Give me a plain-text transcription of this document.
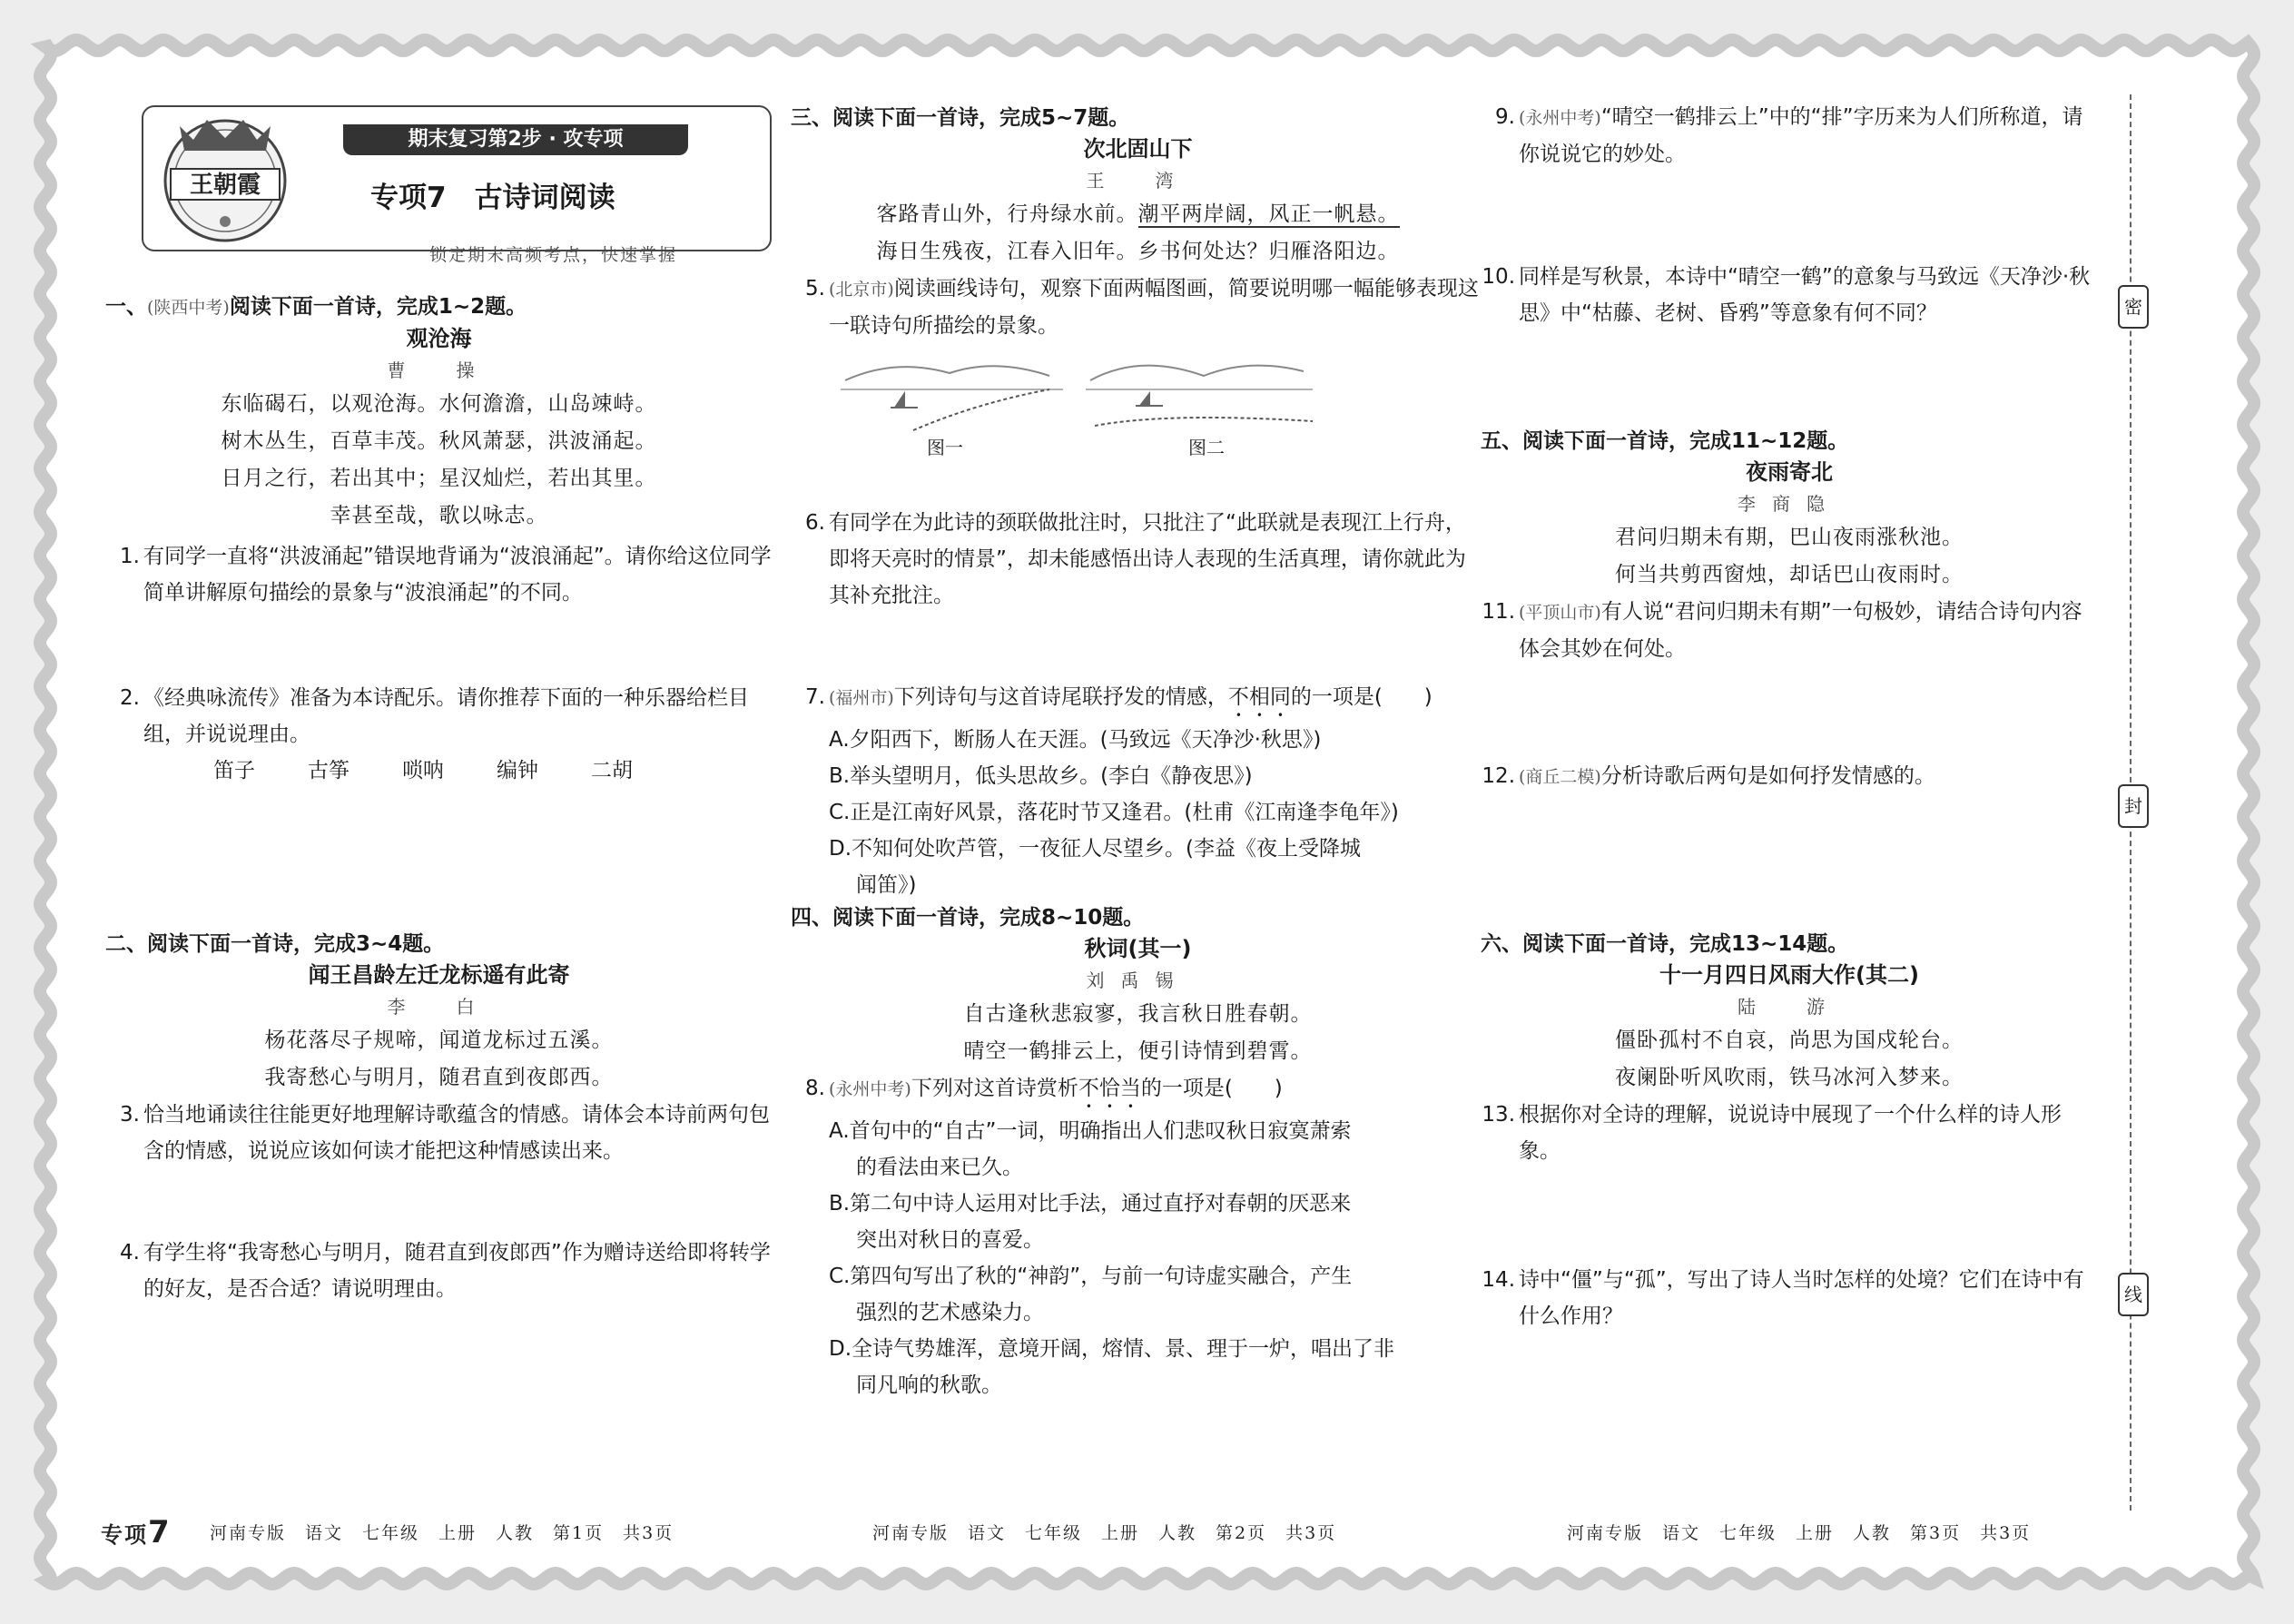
期末复习第2步 · 攻专项
专项7　古诗词阅读
锁定期末高频考点，快速掌握
王朝霞
一、(陕西中考)阅读下面一首诗，完成1~2题。
观沧海
曹　操
东临碣石，以观沧海。水何澹澹，山岛竦峙。
树木丛生，百草丰茂。秋风萧瑟，洪波涌起。
日月之行，若出其中；星汉灿烂，若出其里。
幸甚至哉，歌以咏志。
1. 有同学一直将“洪波涌起”错误地背诵为“波浪涌起”。请你给这位同学简单讲解原句描绘的景象与“波浪涌起”的不同。
2. 《经典咏流传》准备为本诗配乐。请你推荐下面的一种乐器给栏目组，并说说理由。
笛子	古筝	唢呐	编钟	二胡
二、阅读下面一首诗，完成3~4题。
闻王昌龄左迁龙标遥有此寄
李　白
杨花落尽子规啼，闻道龙标过五溪。
我寄愁心与明月，随君直到夜郎西。
3. 恰当地诵读往往能更好地理解诗歌蕴含的情感。请体会本诗前两句包含的情感，说说应该如何读才能把这种情感读出来。
4. 有学生将“我寄愁心与明月，随君直到夜郎西”作为赠诗送给即将转学的好友，是否合适？请说明理由。
三、阅读下面一首诗，完成5~7题。
次北固山下
王　湾
客路青山外，行舟绿水前。潮平两岸阔，风正一帆悬。
海日生残夜，江春入旧年。乡书何处达？归雁洛阳边。
5. (北京市)阅读画线诗句，观察下面两幅图画，简要说明哪一幅能够表现这一联诗句所描绘的景象。
图一	图二
6. 有同学在为此诗的颈联做批注时，只批注了“此联就是表现江上行舟，即将天亮时的情景”，却未能感悟出诗人表现的生活真理，请你就此为其补充批注。
7. (福州市)下列诗句与这首诗尾联抒发的情感，不相同的一项是(　　)
A.夕阳西下，断肠人在天涯。(马致远《天净沙·秋思》)
B.举头望明月，低头思故乡。(李白《静夜思》)
C.正是江南好风景，落花时节又逢君。(杜甫《江南逢李龟年》)
D.不知何处吹芦管，一夜征人尽望乡。(李益《夜上受降城
闻笛》)
四、阅读下面一首诗，完成8~10题。
秋词(其一)
刘禹锡
自古逢秋悲寂寥，我言秋日胜春朝。
晴空一鹤排云上，便引诗情到碧霄。
8. (永州中考)下列对这首诗赏析不恰当的一项是(　　)
A.首句中的“自古”一词，明确指出人们悲叹秋日寂寞萧索
的看法由来已久。
B.第二句中诗人运用对比手法，通过直抒对春朝的厌恶来
突出对秋日的喜爱。
C.第四句写出了秋的“神韵”，与前一句诗虚实融合，产生
强烈的艺术感染力。
D.全诗气势雄浑，意境开阔，熔情、景、理于一炉，唱出了非
同凡响的秋歌。
9. (永州中考)“晴空一鹤排云上”中的“排”字历来为人们所称道，请你说说它的妙处。
10. 同样是写秋景，本诗中“晴空一鹤”的意象与马致远《天净沙·秋思》中“枯藤、老树、昏鸦”等意象有何不同？
五、阅读下面一首诗，完成11~12题。
夜雨寄北
李商隐
君问归期未有期，巴山夜雨涨秋池。
何当共剪西窗烛，却话巴山夜雨时。
11. (平顶山市)有人说“君问归期未有期”一句极妙，请结合诗句内容体会其妙在何处。
12. (商丘二模)分析诗歌后两句是如何抒发情感的。
六、阅读下面一首诗，完成13~14题。
十一月四日风雨大作(其二)
陆　游
僵卧孤村不自哀，尚思为国戍轮台。
夜阑卧听风吹雨，铁马冰河入梦来。
13. 根据你对全诗的理解，说说诗中展现了一个什么样的诗人形象。
14. 诗中“僵”与“孤”，写出了诗人当时怎样的处境？它们在诗中有什么作用？
密
封
线
专项7 河南专版　语文　七年级　上册　人教　第1页　共3页	河南专版　语文　七年级　上册　人教　第2页　共3页	河南专版　语文　七年级　上册　人教　第3页　共3页
